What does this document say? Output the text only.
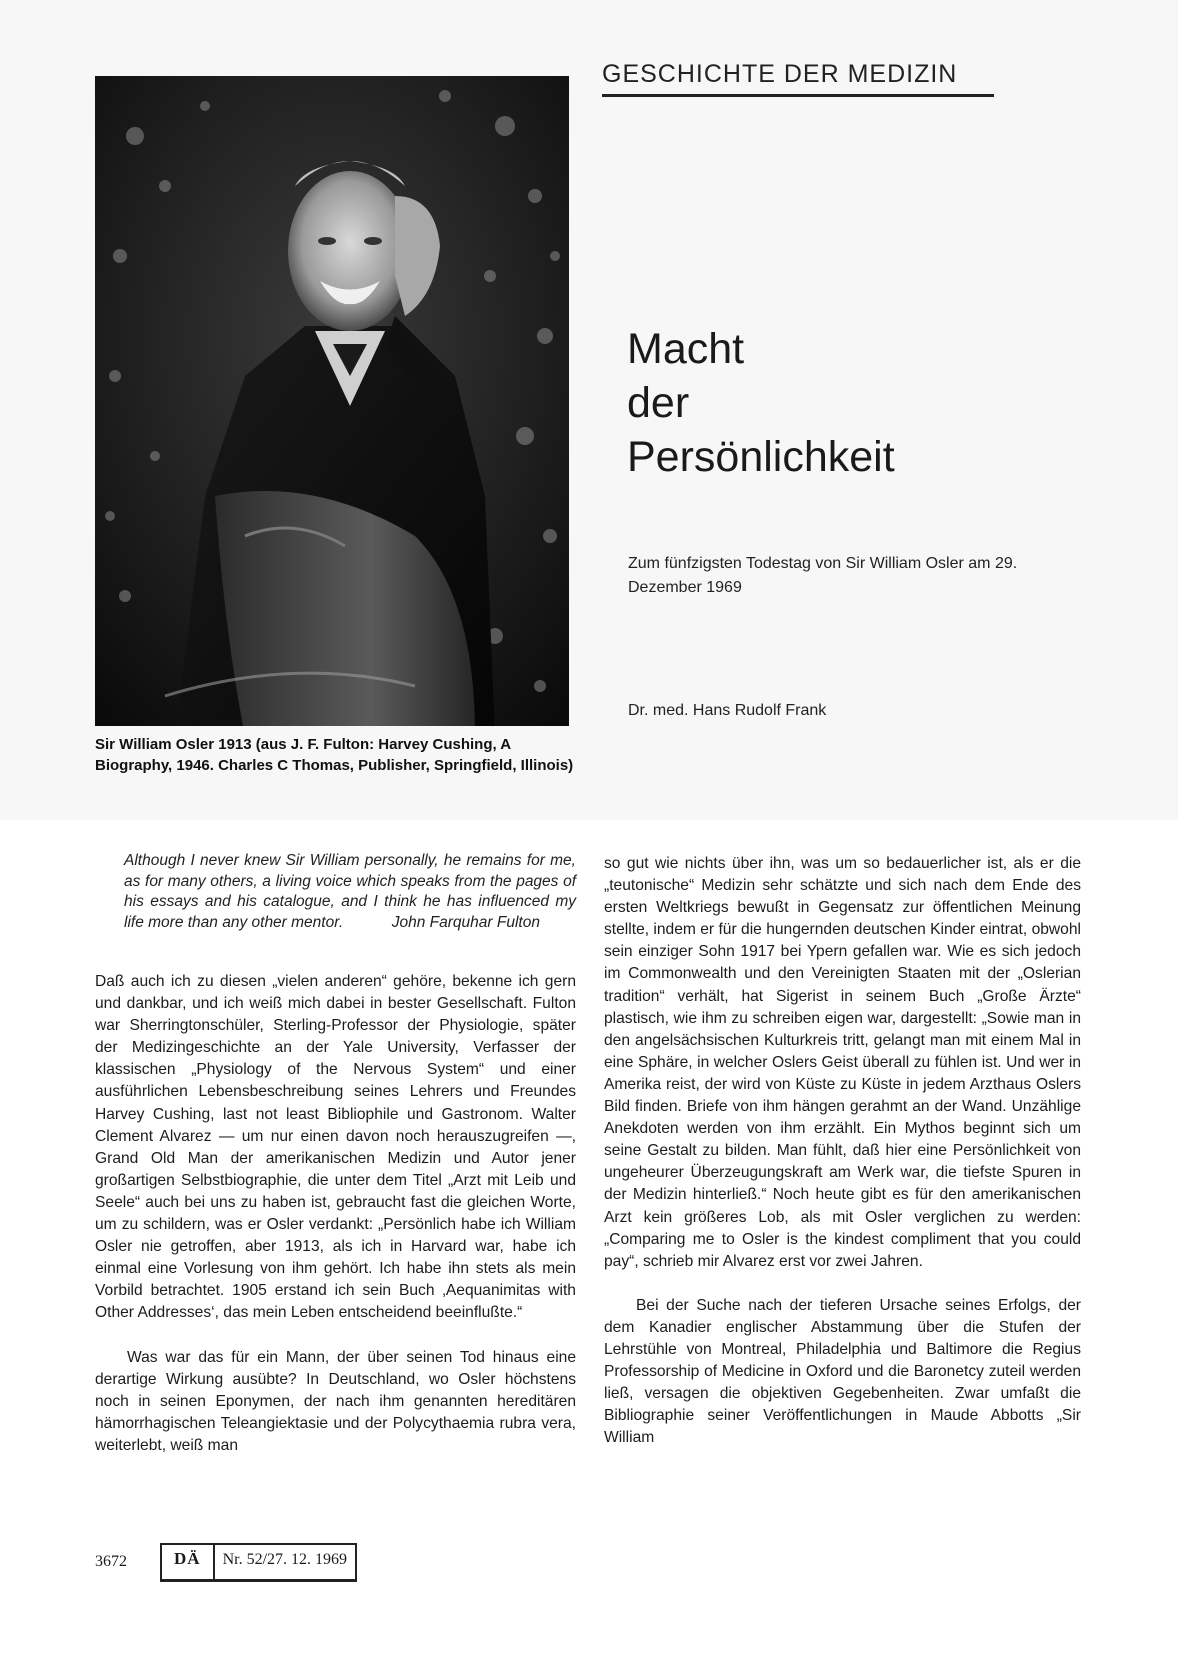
GESCHICHTE DER MEDIZIN
Sir William Osler 1913 (aus J. F. Fulton: Harvey Cushing, A Biography, 1946. Charles C Thomas, Publisher, Springfield, Illinois)
Macht
der
Persönlichkeit
Zum fünfzigsten Todestag von Sir William Osler am 29. Dezember 1969
Dr. med. Hans Rudolf Frank
Although I never knew Sir William personally, he remains for me, as for many others, a living voice which speaks from the pages of his essays and his catalogue, and I think he has influenced my life more than any other mentor.	John Farquhar Fulton

Daß auch ich zu diesen „vielen anderen“ gehöre, bekenne ich gern und dankbar, und ich weiß mich dabei in bester Gesellschaft. Fulton war Sherringtonschüler, Sterling-Professor der Physiologie, später der Medizingeschichte an der Yale University, Verfasser der klassischen „Physiology of the Nervous System“ und einer ausführlichen Lebensbeschreibung seines Lehrers und Freundes Harvey Cushing, last not least Bibliophile und Gastronom. Walter Clement Alvarez — um nur einen davon noch herauszugreifen —, Grand Old Man der amerikanischen Medizin und Autor jener großartigen Selbstbiographie, die unter dem Titel „Arzt mit Leib und Seele“ auch bei uns zu haben ist, gebraucht fast die gleichen Worte, um zu schildern, was er Osler verdankt: „Persönlich habe ich William Osler nie getroffen, aber 1913, als ich in Harvard war, habe ich einmal eine Vorlesung von ihm gehört. Ich habe ihn stets als mein Vorbild betrachtet. 1905 erstand ich sein Buch ‚Aequanimitas with Other Addresses‘, das mein Leben entscheidend beeinflußte.“

Was war das für ein Mann, der über seinen Tod hinaus eine derartige Wirkung ausübte? In Deutschland, wo Osler höchstens noch in seinen Eponymen, der nach ihm genannten hereditären hämorrhagischen Teleangiektasie und der Polycythaemia rubra vera, weiterlebt, weiß man

so gut wie nichts über ihn, was um so bedauerlicher ist, als er die „teutonische“ Medizin sehr schätzte und sich nach dem Ende des ersten Weltkriegs bewußt in Gegensatz zur öffentlichen Meinung stellte, indem er für die hungernden deutschen Kinder eintrat, obwohl sein einziger Sohn 1917 bei Ypern gefallen war. Wie es sich jedoch im Commonwealth und den Vereinigten Staaten mit der „Oslerian tradition“ verhält, hat Sigerist in seinem Buch „Große Ärzte“ plastisch, wie ihm zu schreiben eigen war, dargestellt: „Sowie man in den angelsächsischen Kulturkreis tritt, gelangt man mit einem Mal in eine Sphäre, in welcher Oslers Geist überall zu fühlen ist. Und wer in Amerika reist, der wird von Küste zu Küste in jedem Arzthaus Oslers Bild finden. Briefe von ihm hängen gerahmt an der Wand. Unzählige Anekdoten werden von ihm erzählt. Ein Mythos beginnt sich um seine Gestalt zu bilden. Man fühlt, daß hier eine Persönlichkeit von ungeheurer Überzeugungskraft am Werk war, die tiefste Spuren in der Medizin hinterließ.“ Noch heute gibt es für den amerikanischen Arzt kein größeres Lob, als mit Osler verglichen zu werden: „Comparing me to Osler is the kindest compliment that you could pay“, schrieb mir Alvarez erst vor zwei Jahren.

Bei der Suche nach der tieferen Ursache seines Erfolgs, der dem Kanadier englischer Abstammung über die Stufen der Lehrstühle von Montreal, Philadelphia und Baltimore die Regius Professorship of Medicine in Oxford und die Baronetcy zuteil werden ließ, versagen die objektiven Gegebenheiten. Zwar umfaßt die Bibliographie seiner Veröffentlichungen in Maude Abbotts „Sir William

3672	DÄ	Nr. 52/27. 12. 1969
